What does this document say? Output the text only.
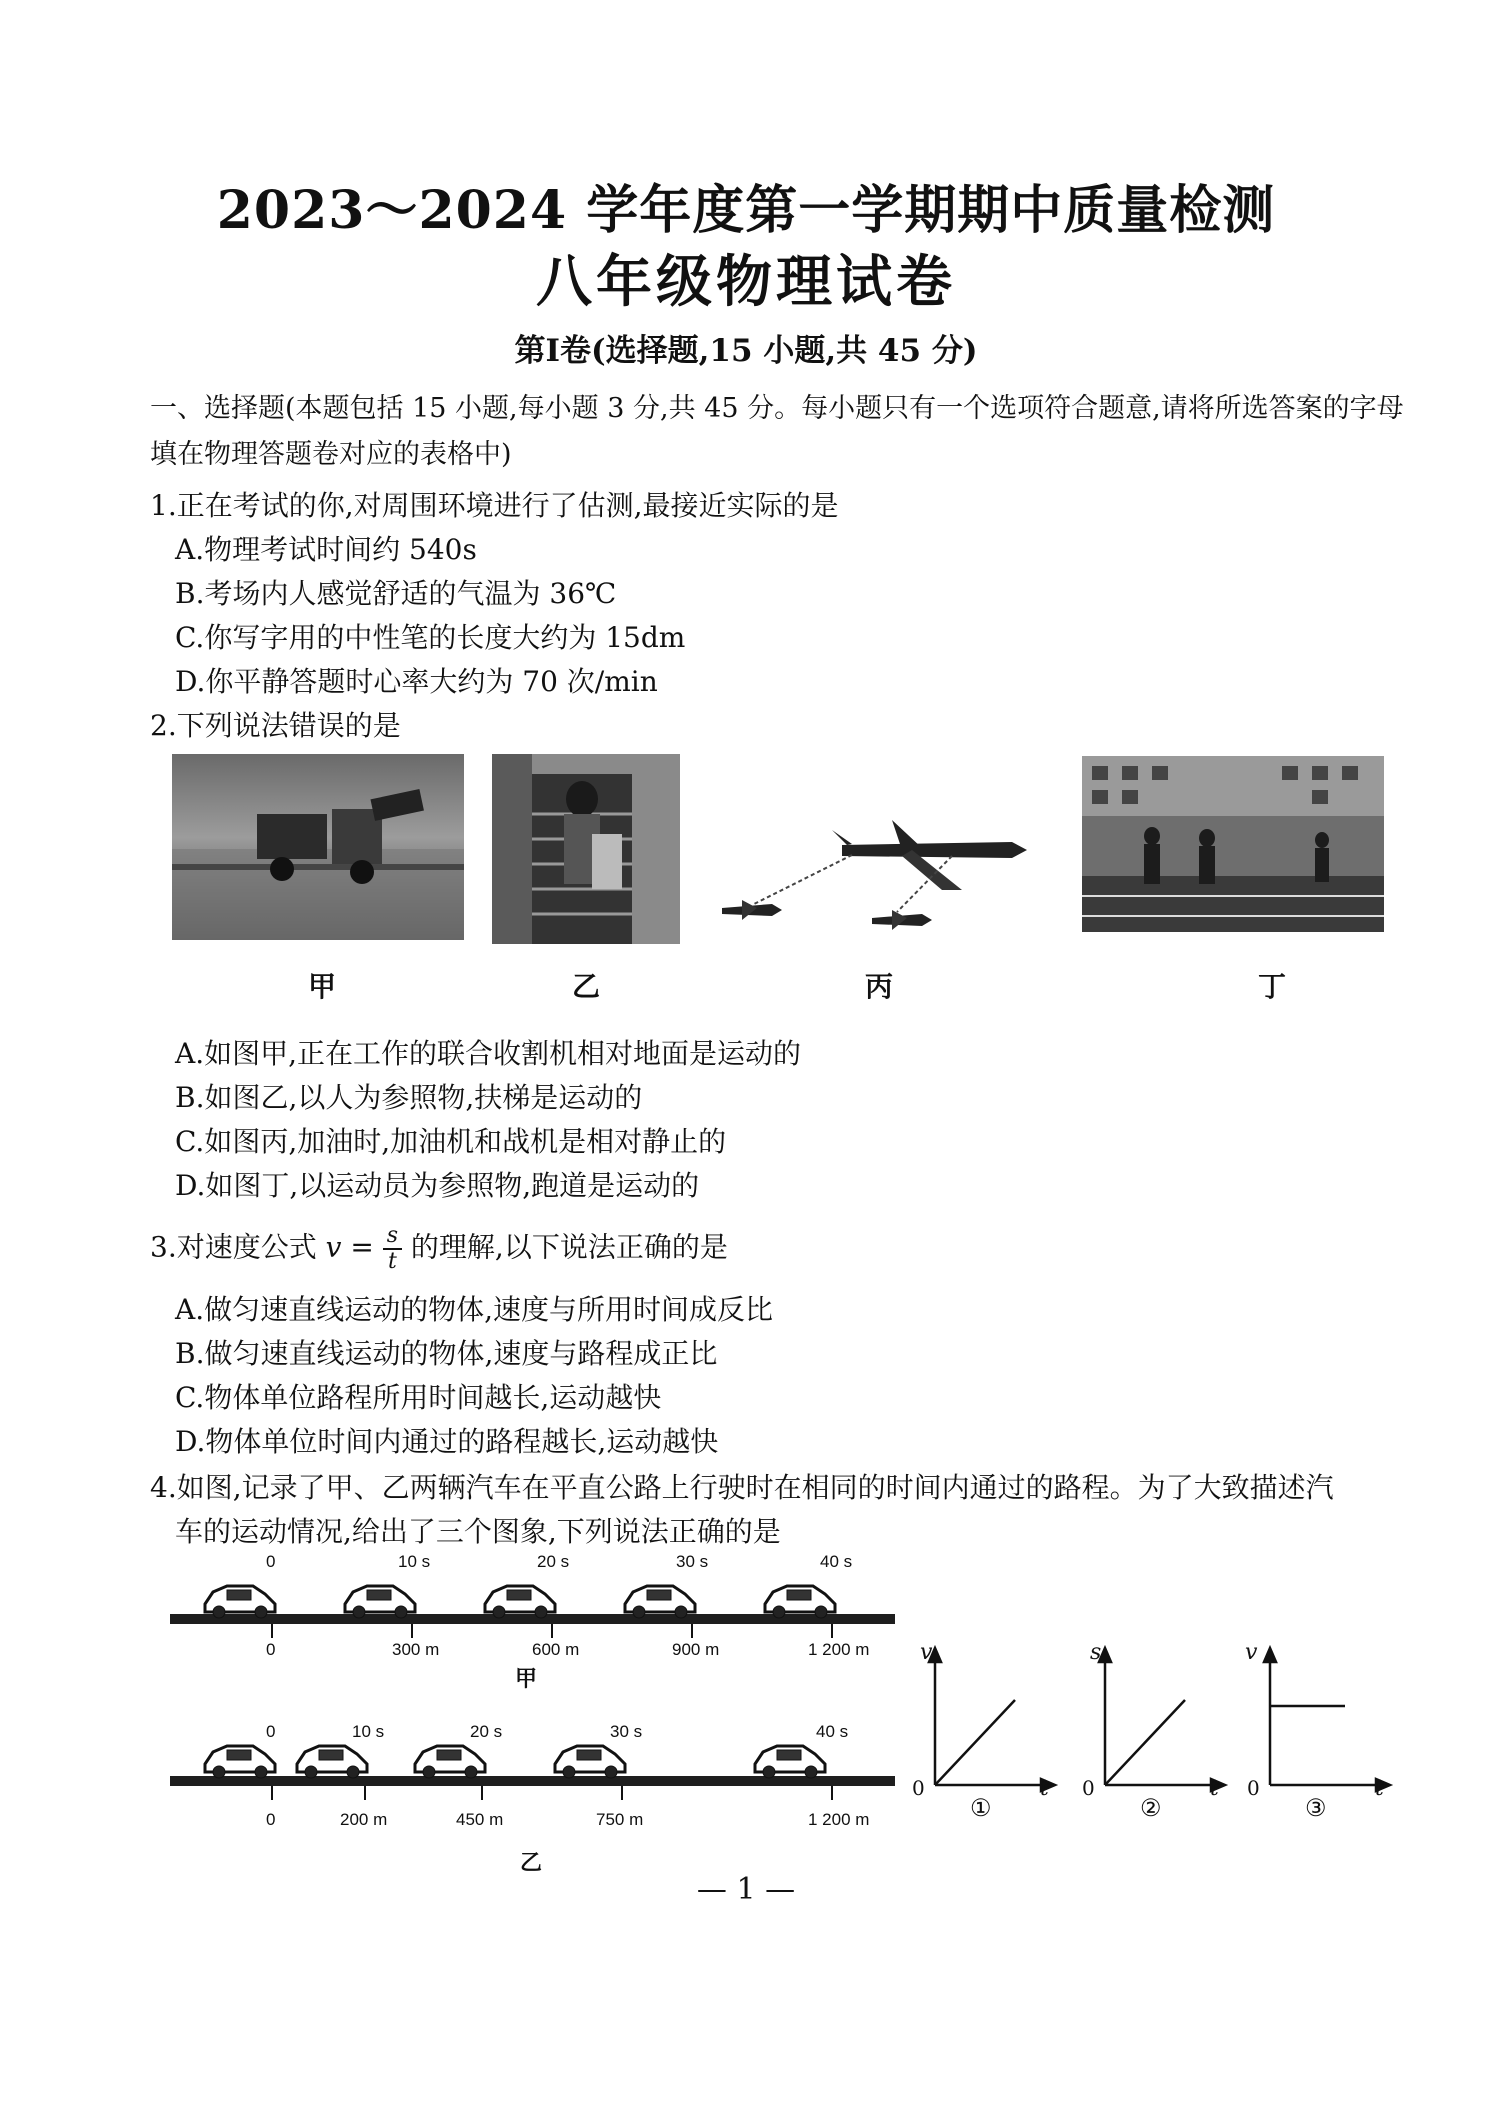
2023～2024 学年度第一学期期中质量检测
八年级物理试卷
第Ⅰ卷(选择题,15 小题,共 45 分)
一、选择题(本题包括 15 小题,每小题 3 分,共 45 分。每小题只有一个选项符合题意,请将所选答案的字母填在物理答题卷对应的表格中)
1.正在考试的你,对周围环境进行了估测,最接近实际的是
A.物理考试时间约 540s
B.考场内人感觉舒适的气温为 36℃
C.你写字用的中性笔的长度大约为 15dm
D.你平静答题时心率大约为 70 次/min
2.下列说法错误的是
甲	乙	丙	丁
A.如图甲,正在工作的联合收割机相对地面是运动的
B.如图乙,以人为参照物,扶梯是运动的
C.如图丙,加油时,加油机和战机是相对静止的
D.如图丁,以运动员为参照物,跑道是运动的
3.对速度公式 $v = \frac{s}{t}$ 的理解,以下说法正确的是
A.做匀速直线运动的物体,速度与所用时间成反比
B.做匀速直线运动的物体,速度与路程成正比
C.物体单位路程所用时间越长,运动越快
D.物体单位时间内通过的路程越长,运动越快
4.如图,记录了甲、乙两辆汽车在平直公路上行驶时在相同的时间内通过的路程。为了大致描述汽
车的运动情况,给出了三个图象,下列说法正确的是
0	10 s	20 s	30 s	40 s
0	300 m	600 m	900 m	1 200 m
甲
0	10 s	20 s	30 s	40 s
0	200 m	450 m	750 m	1 200 m
乙
v
t
0
①
s
t
0
②
v
t
0
③
— 1 —
